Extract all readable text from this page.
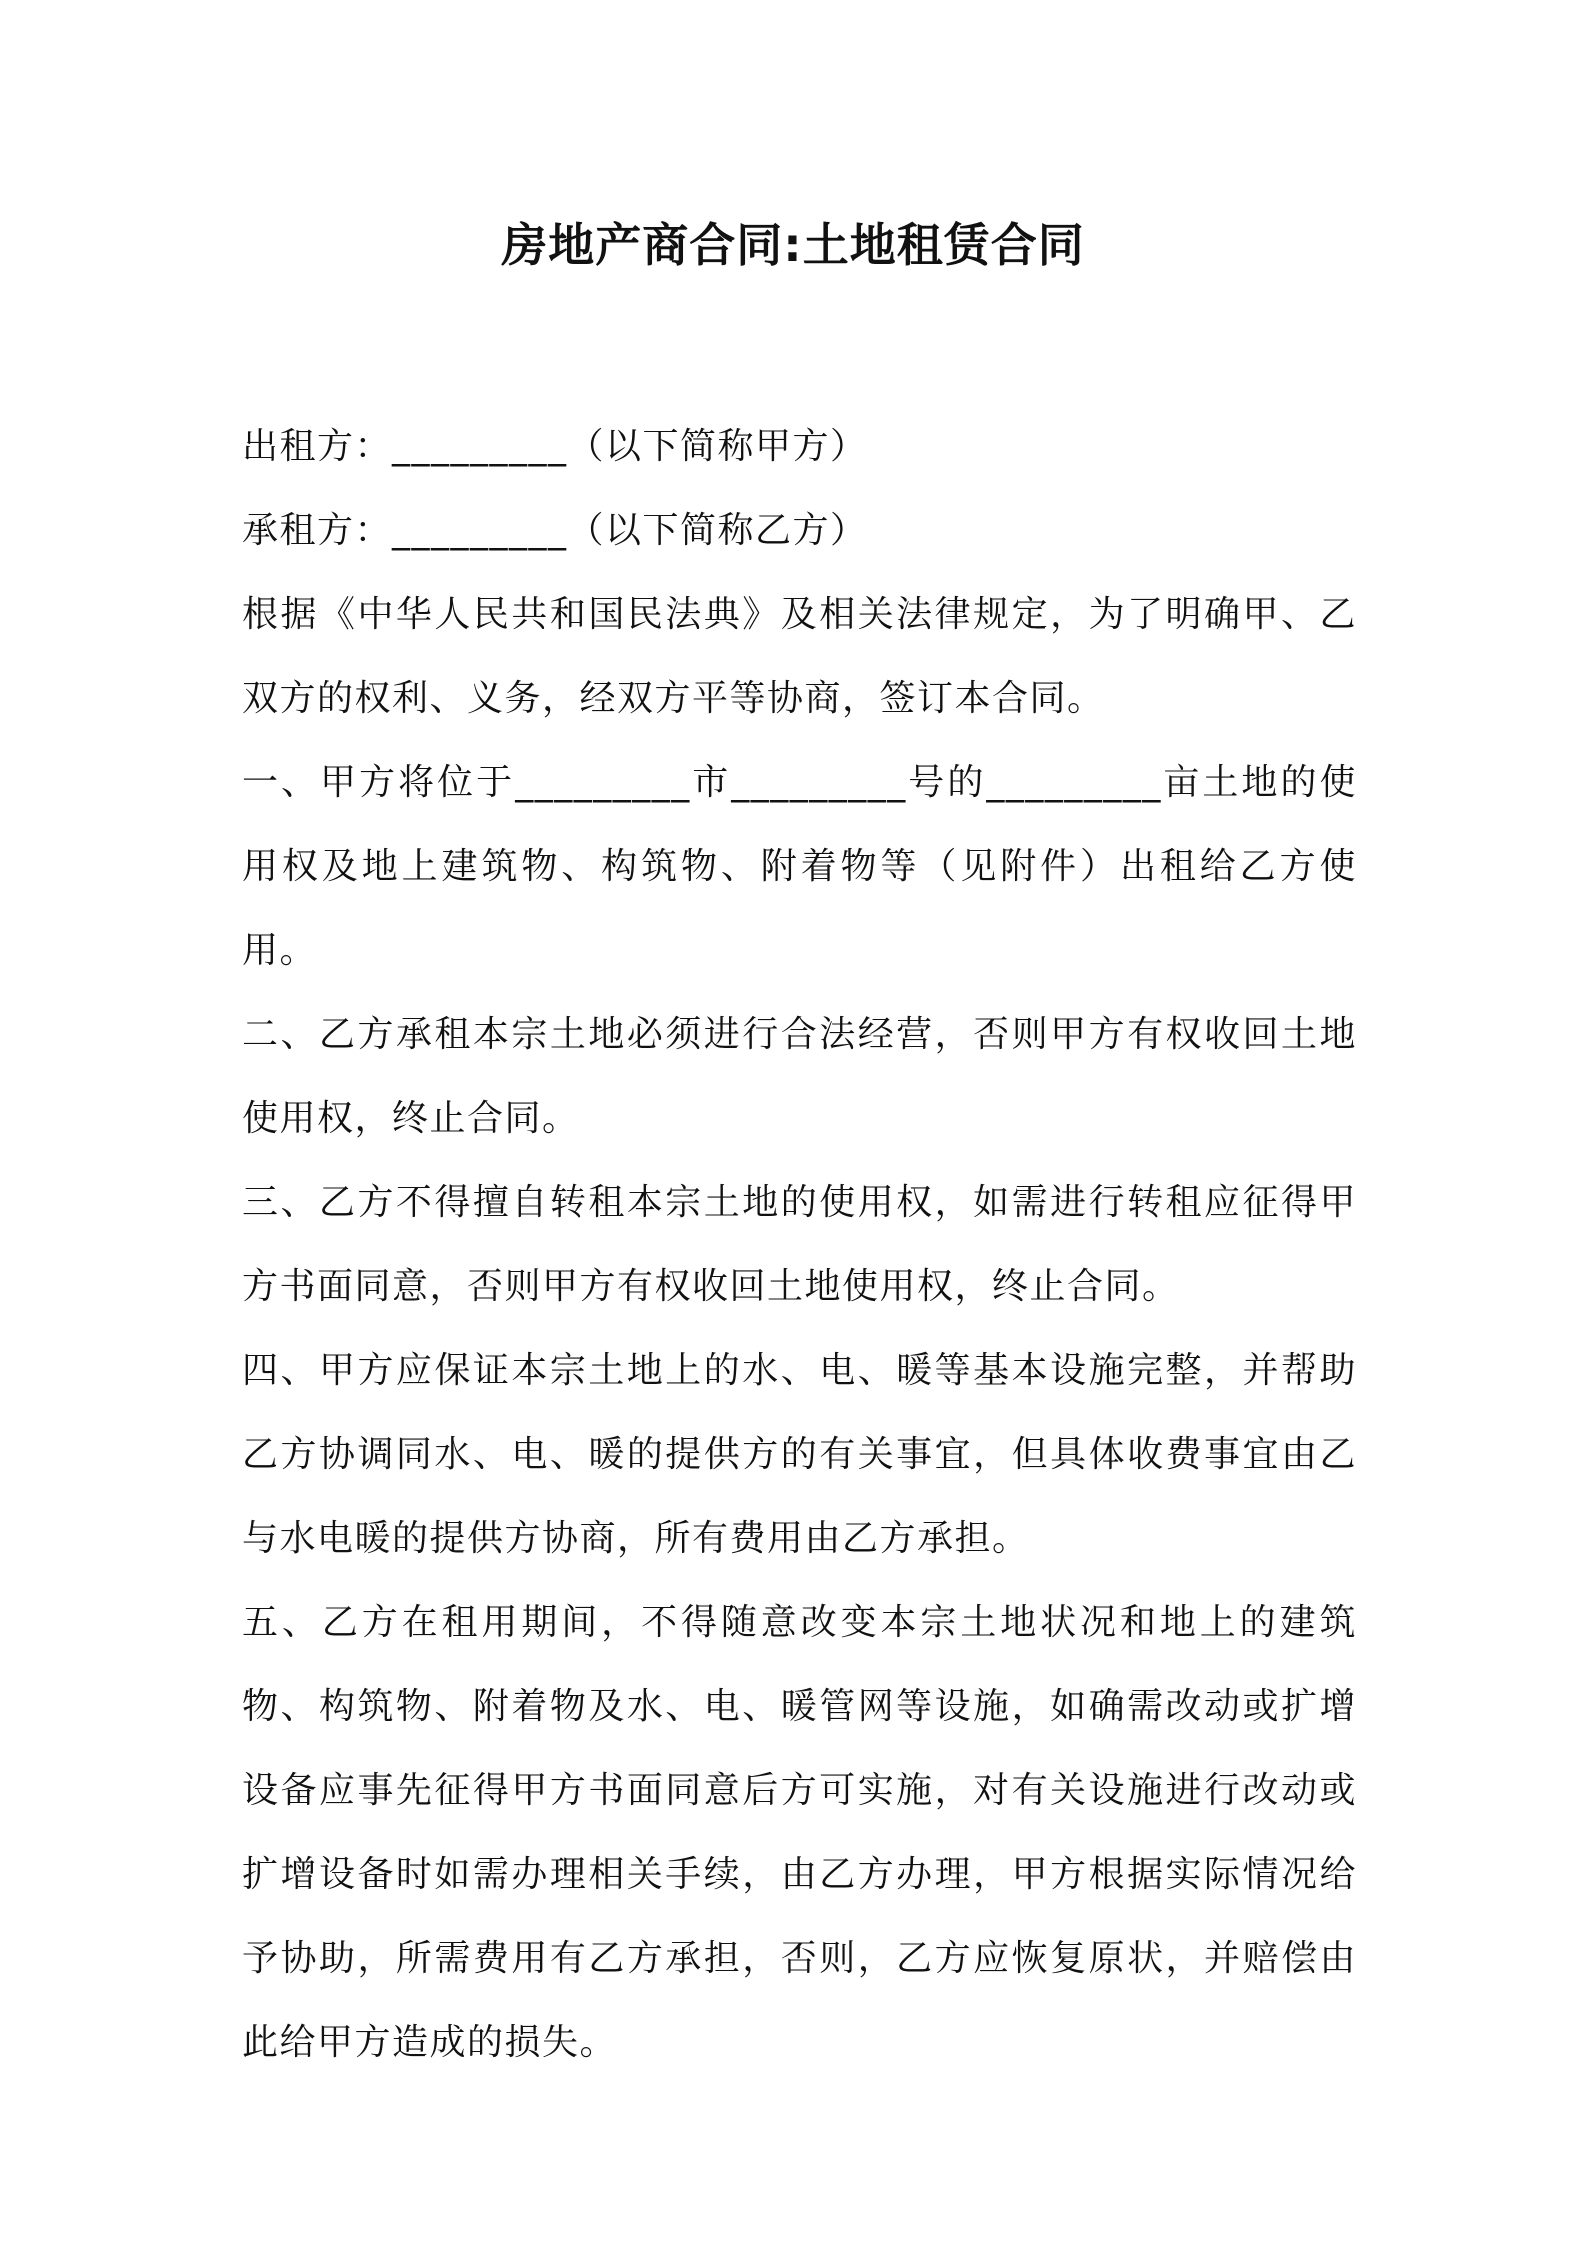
房地产商合同:土地租赁合同

出租方：_________（以下简称甲方）

承租方：_________（以下简称乙方）

根据《中华人民共和国民法典》及相关法律规定，为了明确甲、乙双方的权利、义务，经双方平等协商，签订本合同。

一、甲方将位于_________市_________号的_________亩土地的使用权及地上建筑物、构筑物、附着物等（见附件）出租给乙方使用。

二、乙方承租本宗土地必须进行合法经营，否则甲方有权收回土地使用权，终止合同。

三、乙方不得擅自转租本宗土地的使用权，如需进行转租应征得甲方书面同意，否则甲方有权收回土地使用权，终止合同。

四、甲方应保证本宗土地上的水、电、暖等基本设施完整，并帮助乙方协调同水、电、暖的提供方的有关事宜，但具体收费事宜由乙与水电暖的提供方协商，所有费用由乙方承担。

五、乙方在租用期间，不得随意改变本宗土地状况和地上的建筑物、构筑物、附着物及水、电、暖管网等设施，如确需改动或扩增设备应事先征得甲方书面同意后方可实施，对有关设施进行改动或扩增设备时如需办理相关手续，由乙方办理，甲方根据实际情况给予协助，所需费用有乙方承担，否则，乙方应恢复原状，并赔偿由此给甲方造成的损失。
